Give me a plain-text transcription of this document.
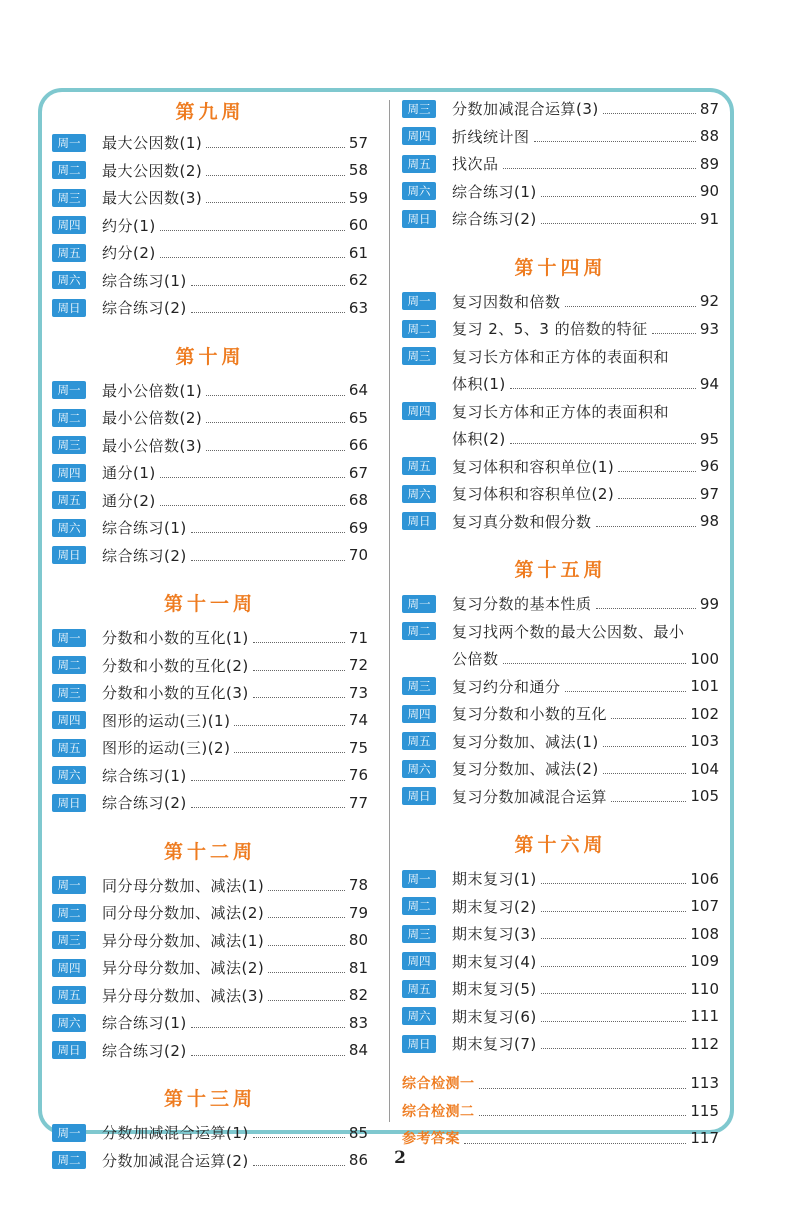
第九周
周一	最大公因数(1)	57
周二	最大公因数(2)	58
周三	最大公因数(3)	59
周四	约分(1)	60
周五	约分(2)	61
周六	综合练习(1)	62
周日	综合练习(2)	63
第十周
周一	最小公倍数(1)	64
周二	最小公倍数(2)	65
周三	最小公倍数(3)	66
周四	通分(1)	67
周五	通分(2)	68
周六	综合练习(1)	69
周日	综合练习(2)	70
第十一周
周一	分数和小数的互化(1)	71
周二	分数和小数的互化(2)	72
周三	分数和小数的互化(3)	73
周四	图形的运动(三)(1)	74
周五	图形的运动(三)(2)	75
周六	综合练习(1)	76
周日	综合练习(2)	77
第十二周
周一	同分母分数加、减法(1)	78
周二	同分母分数加、减法(2)	79
周三	异分母分数加、减法(1)	80
周四	异分母分数加、减法(2)	81
周五	异分母分数加、减法(3)	82
周六	综合练习(1)	83
周日	综合练习(2)	84
第十三周
周一	分数加减混合运算(1)	85
周二	分数加减混合运算(2)	86
周三	分数加减混合运算(3)	87
周四	折线统计图	88
周五	找次品	89
周六	综合练习(1)	90
周日	综合练习(2)	91
第十四周
周一	复习因数和倍数	92
周二	复习 2、5、3 的倍数的特征	93
周三	复习长方体和正方体的表面积和
体积(1)	94
周四	复习长方体和正方体的表面积和
体积(2)	95
周五	复习体积和容积单位(1)	96
周六	复习体积和容积单位(2)	97
周日	复习真分数和假分数	98
第十五周
周一	复习分数的基本性质	99
周二	复习找两个数的最大公因数、最小
公倍数	100
周三	复习约分和通分	101
周四	复习分数和小数的互化	102
周五	复习分数加、减法(1)	103
周六	复习分数加、减法(2)	104
周日	复习分数加减混合运算	105
第十六周
周一	期末复习(1)	106
周二	期末复习(2)	107
周三	期末复习(3)	108
周四	期末复习(4)	109
周五	期末复习(5)	110
周六	期末复习(6)	111
周日	期末复习(7)	112
综合检测一	113
综合检测二	115
参考答案	117
2
